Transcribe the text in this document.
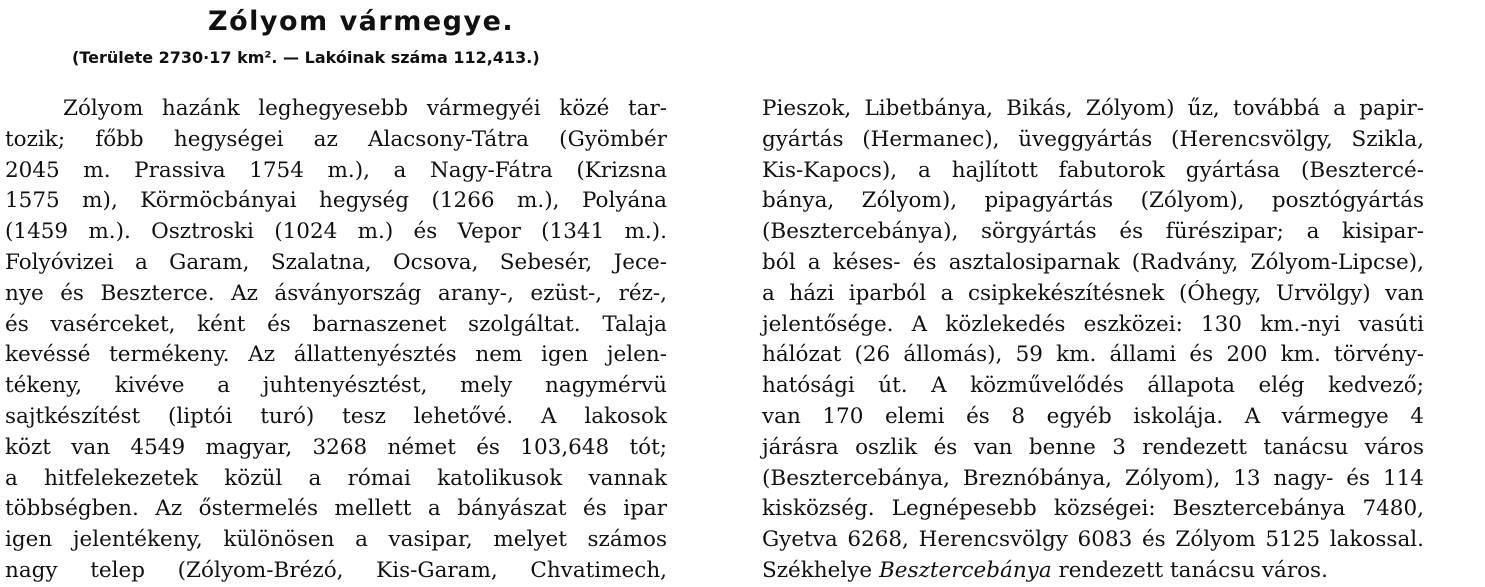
Zólyom vármegye.

(Területe 2730·17 km². — Lakóinak száma 112,413.)

Zólyom hazánk leghegyesebb vármegyéi közé tar-
tozik; főbb hegységei az Alacsony-Tátra (Gyömbér
2045 m. Prassiva 1754 m.), a Nagy-Fátra (Krizsna
1575 m), Körmöcbányai hegység (1266 m.), Polyána
(1459 m.). Osztroski (1024 m.) és Vepor (1341 m.).
Folyóvizei a Garam, Szalatna, Ocsova, Sebesér, Jece-
nye és Beszterce. Az ásványország arany-, ezüst-, réz-,
és vasérceket, ként és barnaszenet szolgáltat. Talaja
kevéssé termékeny. Az állattenyésztés nem igen jelen-
tékeny, kivéve a juhtenyésztést, mely nagymérvü
sajtkészítést (liptói turó) tesz lehetővé. A lakosok
közt van 4549 magyar, 3268 német és 103,648 tót;
a hitfelekezetek közül a római katolikusok vannak
többségben. Az őstermelés mellett a bányászat és ipar
igen jelentékeny, különösen a vasipar, melyet számos
nagy telep (Zólyom-Brézó, Kis-Garam, Chvatimech,
Pieszok, Libetbánya, Bikás, Zólyom) űz, továbbá a papir-
gyártás (Hermanec), üveggyártás (Herencsvölgy, Szikla,
Kis-Kapocs), a hajlított fabutorok gyártása (Besztercé-
bánya, Zólyom), pipagyártás (Zólyom), posztógyártás
(Besztercebánya), sörgyártás és fürészipar; a kisipar-
ból a késes- és asztalosiparnak (Radvány, Zólyom-Lipcse),
a házi iparból a csipkekészítésnek (Óhegy, Urvölgy) van
jelentősége. A közlekedés eszközei: 130 km.-nyi vasúti
hálózat (26 állomás), 59 km. állami és 200 km. törvény-
hatósági út. A közművelődés állapota elég kedvező;
van 170 elemi és 8 egyéb iskolája. A vármegye 4
járásra oszlik és van benne 3 rendezett tanácsu város
(Besztercebánya, Breznóbánya, Zólyom), 13 nagy- és 114
kisközség. Legnépesebb községei: Besztercebánya 7480,
Gyetva 6268, Herencsvölgy 6083 és Zólyom 5125 lakossal.
Székhelye Besztercebánya rendezett tanácsu város.
